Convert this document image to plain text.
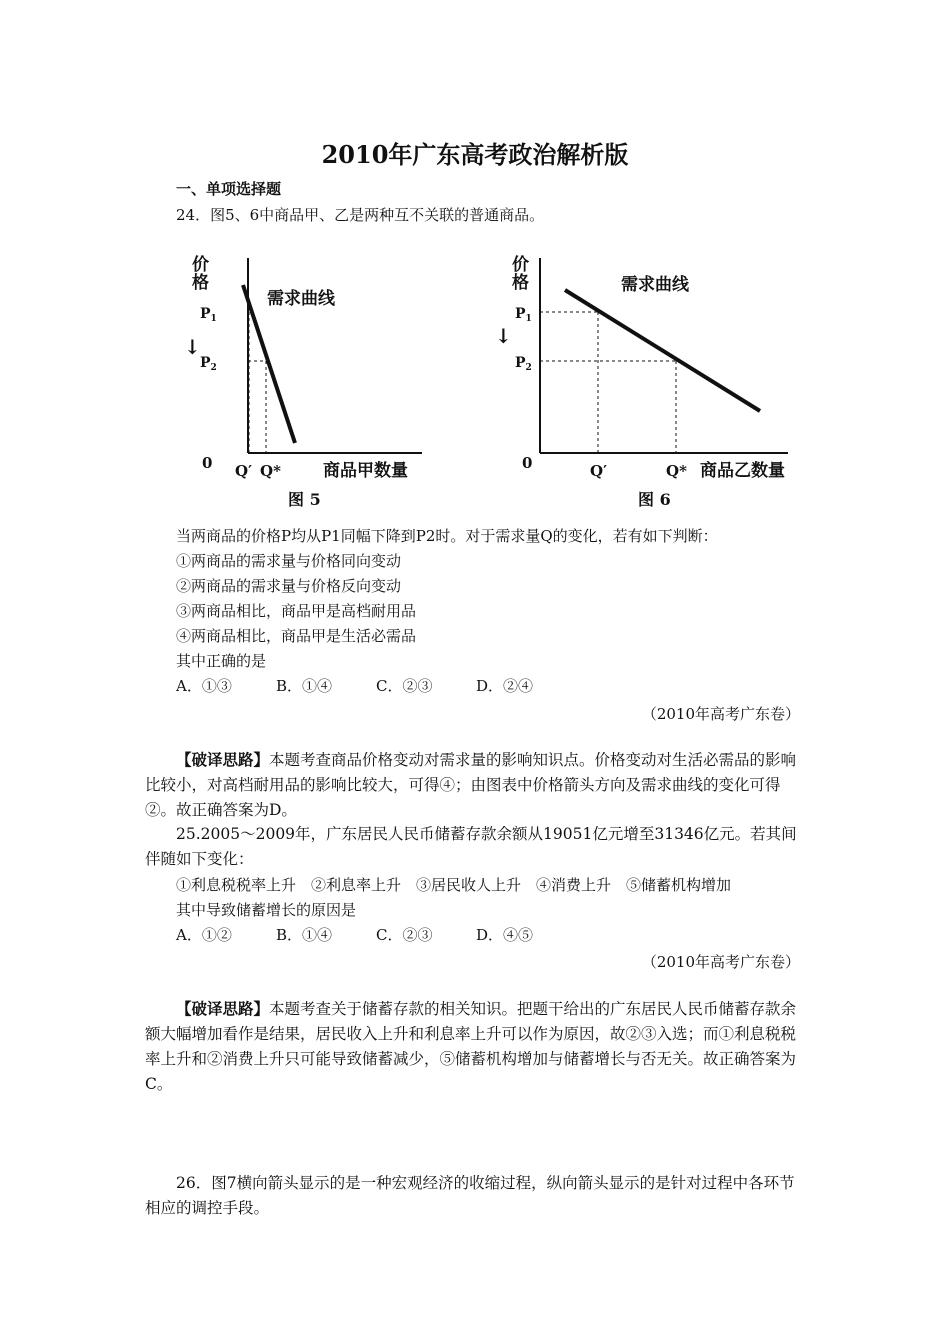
2010年广东高考政治解析版
一、单项选择题
24．图5、6中商品甲、乙是两种互不关联的普通商品。
价
格
需求曲线
$P_1$
↓
$P_2$
0 Q′ Q* 商品甲数量
图 5
价
格	需求曲线
$P_1$
↓
$P_2$
0	Q′	Q* 商品乙数量
图 6
当两商品的价格P均从P1同幅下降到P2时。对于需求量Q的变化，若有如下判断：
①两商品的需求量与价格同向变动
②两商品的需求量与价格反向变动
③两商品相比，商品甲是高档耐用品
④两商品相比，商品甲是生活必需品
其中正确的是
A．①③	B．①④	C．②③	D．②④
（2010年高考广东卷）

【破译思路】本题考查商品价格变动对需求量的影响知识点。价格变动对生活必需品的影响比较小，对高档耐用品的影响比较大，可得④；由图表中价格箭头方向及需求曲线的变化可得②。故正确答案为D。

25.2005～2009年，广东居民人民币储蓄存款余额从19051亿元增至31346亿元。若其间伴随如下变化：

①利息税税率上升　②利息率上升　③居民收人上升　④消费上升　⑤储蓄机构增加
其中导致储蓄增长的原因是
A．①②	B．①④	C．②③	D．④⑤
（2010年高考广东卷）

【破译思路】本题考查关于储蓄存款的相关知识。把题干给出的广东居民人民币储蓄存款余额大幅增加看作是结果，居民收入上升和利息率上升可以作为原因，故②③入选；而①利息税税率上升和②消费上升只可能导致储蓄减少，⑤储蓄机构增加与储蓄增长与否无关。故正确答案为C。

26．图7横向箭头显示的是一种宏观经济的收缩过程，纵向箭头显示的是针对过程中各环节相应的调控手段。
